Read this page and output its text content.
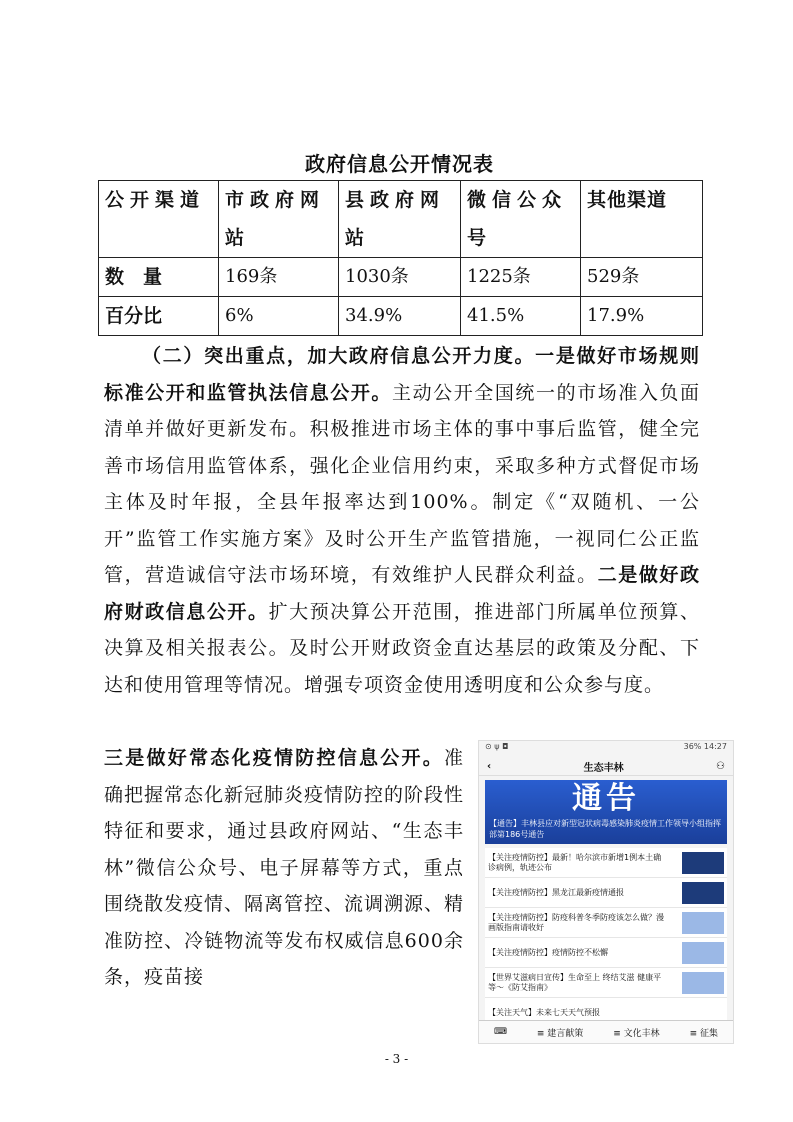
政府信息公开情况表
公开渠道	市政府网站	县政府网站	微信公众号	其他渠道
数　量	169条	1030条	1225条	529条
百分比	6%	34.9%	41.5%	17.9%
（二）突出重点，加大政府信息公开力度。一是做好市场规则标准公开和监管执法信息公开。主动公开全国统一的市场准入负面清单并做好更新发布。积极推进市场主体的事中事后监管，健全完善市场信用监管体系，强化企业信用约束，采取多种方式督促市场主体及时年报，全县年报率达到100%。制定《“双随机、一公开”监管工作实施方案》及时公开生产监管措施，一视同仁公正监管，营造诚信守法市场环境，有效维护人民群众利益。二是做好政府财政信息公开。扩大预决算公开范围，推进部门所属单位预算、决算及相关报表公。及时公开财政资金直达基层的政策及分配、下达和使用管理等情况。增强专项资金使用透明度和公众参与度。
三是做好常态化疫情防控信息公开。准确把握常态化新冠肺炎疫情防控的阶段性特征和要求，通过县政府网站、“生态丰林”微信公众号、电子屏幕等方式，重点围绕散发疫情、隔离管控、流调溯源、精准防控、冷链物流等发布权威信息600余条，疫苗接
⊙ ψ ◘	36% 14:27
‹	生态丰林	⚇
通告
【通告】丰林县应对新型冠状病毒感染肺炎疫情工作领导小组指挥部第186号通告
【关注疫情防控】最新！哈尔滨市新增1例本土确诊病例，轨迹公布
【关注疫情防控】黑龙江最新疫情通报
【关注疫情防控】防疫科普冬季防疫该怎么做？漫画版指南请收好
【关注疫情防控】疫情防控不松懈
【世界艾滋病日宣传】生命至上 终结艾滋 健康平等～《防艾指南》
【关注天气】未来七天天气预报
⌨	≡ 建言献策	≡ 文化丰林	≡ 征集
- 3 -
